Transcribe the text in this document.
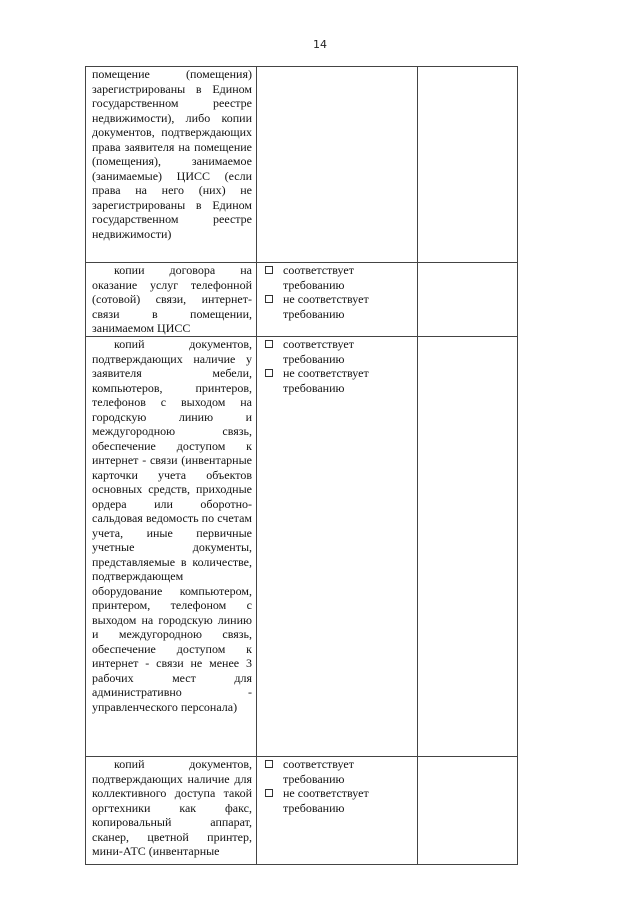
14
помещение (помещения) зарегистрированы в Едином государственном реестре недвижимости), либо копии документов, подтверждающих права заявителя на помещение (помещения), занимаемое (занимаемые) ЦИСС (если права на него (них) не зарегистрированы в Едином государственном реестре недвижимости)		

копии договора на оказание услуг телефонной (сотовой) связи, интернет-связи в помещении, занимаемом ЦИСС	соответствует требованию
не соответствует требованию	

копий документов, подтверждающих наличие у заявителя мебели, компьютеров, принтеров, телефонов с выходом на городскую линию и междугородною связь, обеспечение доступом к интернет - связи (инвентарные карточки учета объектов основных средств, приходные ордера или оборотно-сальдовая ведомость по счетам учета, иные первичные учетные документы, представляемые в количестве, подтверждающем оборудование компьютером, принтером, телефоном с выходом на городскую линию и междугородною связь, обеспечение доступом к интернет - связи не менее 3 рабочих мест для административно - управленческого персонала)	соответствует требованию
не соответствует требованию	

копий документов, подтверждающих наличие для коллективного доступа такой оргтехники как факс, копировальный аппарат, сканер, цветной принтер, мини-АТС (инвентарные	соответствует требованию
не соответствует требованию	
